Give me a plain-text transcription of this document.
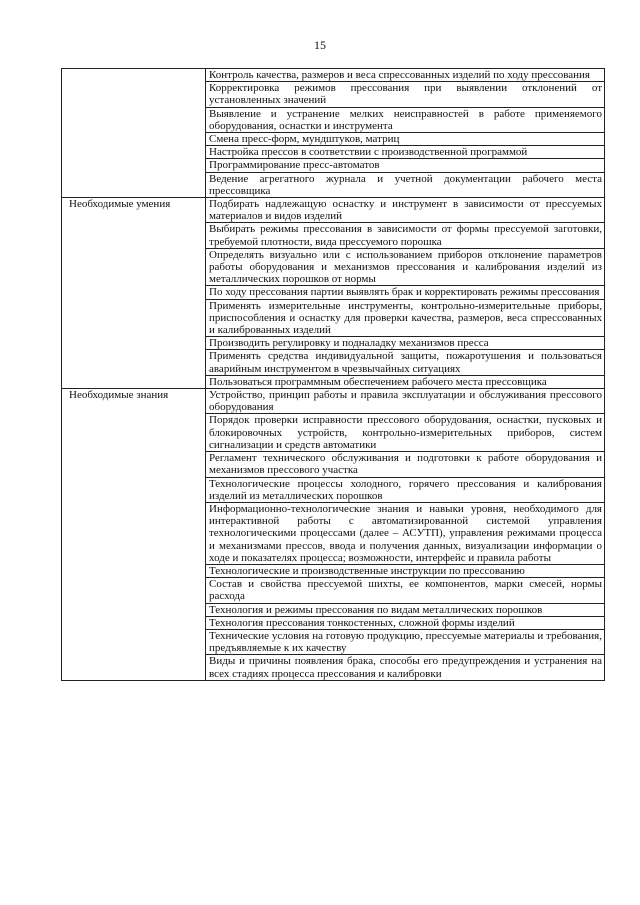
15
	Контроль качества, размеров и веса спрессованных изделий по ходу прессования
	Корректировка режимов прессования при выявлении отклонений от установленных значений
	Выявление и устранение мелких неисправностей в работе применяемого оборудования, оснастки и инструмента
	Смена пресс-форм, мундштуков, матриц
	Настройка прессов в соответствии с производственной программой
	Программирование пресс-автоматов
	Ведение агрегатного журнала и учетной документации рабочего места прессовщика

Необходимые умения	Подбирать надлежащую оснастку и инструмент в зависимости от прессуемых материалов и видов изделий
	Выбирать режимы прессования в зависимости от формы прессуемой заготовки, требуемой плотности, вида прессуемого порошка
	Определять визуально или с использованием приборов отклонение параметров работы оборудования и механизмов прессования и калибрования изделий из металлических порошков от нормы
	По ходу прессования партии выявлять брак и корректировать режимы прессования
	Применять измерительные инструменты, контрольно-измерительные приборы, приспособления и оснастку для проверки качества, размеров, веса спрессованных и калиброванных изделий
	Производить регулировку и подналадку механизмов пресса
	Применять средства индивидуальной защиты, пожаротушения и пользоваться аварийным инструментом в чрезвычайных ситуациях
	Пользоваться программным обеспечением рабочего места прессовщика

Необходимые знания	Устройство, принцип работы и правила эксплуатации и обслуживания прессового оборудования
	Порядок проверки исправности прессового оборудования, оснастки, пусковых и блокировочных устройств, контрольно-измерительных приборов, систем сигнализации и средств автоматики
	Регламент технического обслуживания и подготовки к работе оборудования и механизмов прессового участка
	Технологические процессы холодного, горячего прессования и калибрования изделий из металлических порошков
	Информационно-технологические знания и навыки уровня, необходимого для интерактивной работы с автоматизированной системой управления технологическими процессами (далее – АСУТП), управления режимами процесса и механизмами прессов, ввода и получения данных, визуализации информации о ходе и показателях процесса; возможности, интерфейс и правила работы
	Технологические и производственные инструкции по прессованию
	Состав и свойства прессуемой шихты, ее компонентов, марки смесей, нормы расхода
	Технология и режимы прессования по видам металлических порошков
	Технология прессования тонкостенных, сложной формы изделий
	Технические условия на готовую продукцию, прессуемые материалы и требования, предъявляемые к их качеству
	Виды и причины появления брака, способы его предупреждения и устранения на всех стадиях процесса прессования и калибровки
